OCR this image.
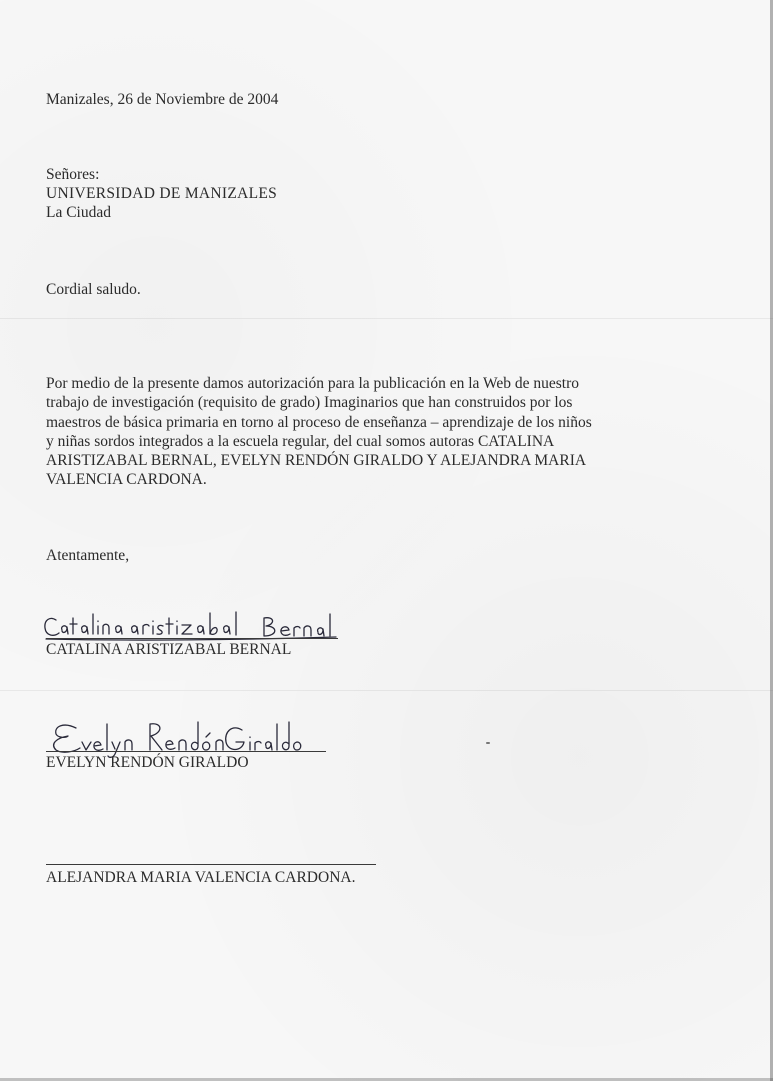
Manizales, 26 de Noviembre de 2004
Señores:
UNIVERSIDAD DE MANIZALES
La Ciudad
Cordial saludo.
Por medio de la presente damos autorización para la publicación en la Web de nuestro
trabajo de investigación (requisito de grado) Imaginarios que han construidos por los
maestros de básica primaria en torno al proceso de enseñanza – aprendizaje de los niños
y niñas sordos integrados a la escuela regular, del cual somos autoras CATALINA
ARISTIZABAL BERNAL, EVELYN RENDÓN GIRALDO Y ALEJANDRA MARIA
VALENCIA CARDONA.
Atentamente,
CATALINA ARISTIZABAL BERNAL
EVELYN RENDÓN GIRALDO
ALEJANDRA MARIA VALENCIA CARDONA.
